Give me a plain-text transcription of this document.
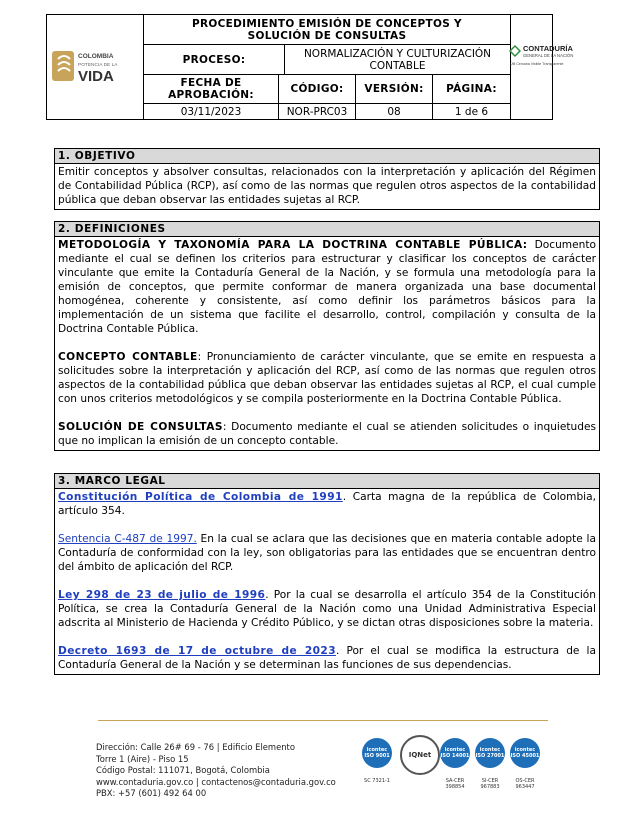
COLOMBIA
POTENCIA DE LA
VIDA
PROCEDIMIENTO EMISIÓN DE CONCEPTOS Y SOLUCIÓN DE CONSULTAS
PROCESO:	NORMALIZACIÓN Y CULTURIZACIÓN CONTABLE
FECHA DE APROBACIÓN:	CÓDIGO:	VERSIÓN:	PÁGINA:
03/11/2023	NOR-PRC03	08	1 de 6
CONTADURÍA
GENERAL DE LA NACIÓN
Útil Cercana Visible Transparente
1. OBJETIVO

Emitir conceptos y absolver consultas, relacionados con la interpretación y aplicación del Régimen de Contabilidad Pública (RCP), así como de las normas que regulen otros aspectos de la contabilidad pública que deban observar las entidades sujetas al RCP.

2. DEFINICIONES

METODOLOGÍA Y TAXONOMÍA PARA LA DOCTRINA CONTABLE PÚBLICA: Documento mediante el cual se definen los criterios para estructurar y clasificar los conceptos de carácter vinculante que emite la Contaduría General de la Nación, y se formula una metodología para la emisión de conceptos, que permite conformar de manera organizada una base documental homogénea, coherente y consistente, así como definir los parámetros básicos para la implementación de un sistema que facilite el desarrollo, control, compilación y consulta de la Doctrina Contable Pública.

CONCEPTO CONTABLE: Pronunciamiento de carácter vinculante, que se emite en respuesta a solicitudes sobre la interpretación y aplicación del RCP, así como de las normas que regulen otros aspectos de la contabilidad pública que deban observar las entidades sujetas al RCP, el cual cumple con unos criterios metodológicos y se compila posteriormente en la Doctrina Contable Pública.

SOLUCIÓN DE CONSULTAS: Documento mediante el cual se atienden solicitudes o inquietudes que no implican la emisión de un concepto contable.

3. MARCO LEGAL

Constitución Política de Colombia de 1991. Carta magna de la república de Colombia, artículo 354.

Sentencia C-487 de 1997. En la cual se aclara que las decisiones que en materia contable adopte la Contaduría de conformidad con la ley, son obligatorias para las entidades que se encuentran dentro del ámbito de aplicación del RCP.

Ley 298 de 23 de julio de 1996. Por la cual se desarrolla el artículo 354 de la Constitución Política, se crea la Contaduría General de la Nación como una Unidad Administrativa Especial adscrita al Ministerio de Hacienda y Crédito Público, y se dictan otras disposiciones sobre la materia.

Decreto 1693 de 17 de octubre de 2023. Por el cual se modifica la estructura de la Contaduría General de la Nación y se determinan las funciones de sus dependencias.

Dirección: Calle 26# 69 - 76 | Edificio Elemento
Torre 1 (Aire) - Piso 15
Código Postal: 111071, Bogotá, Colombia
www.contaduria.gov.co | contactenos@contaduria.gov.co
PBX: +57 (601) 492 64 00
icontec ISO 9001
SC 7321-1
IQNet
icontec ISO 14001
SA-CER 398854
icontec ISO 27001
SI-CER 967883
icontec ISO 45001
OS-CER 963447
